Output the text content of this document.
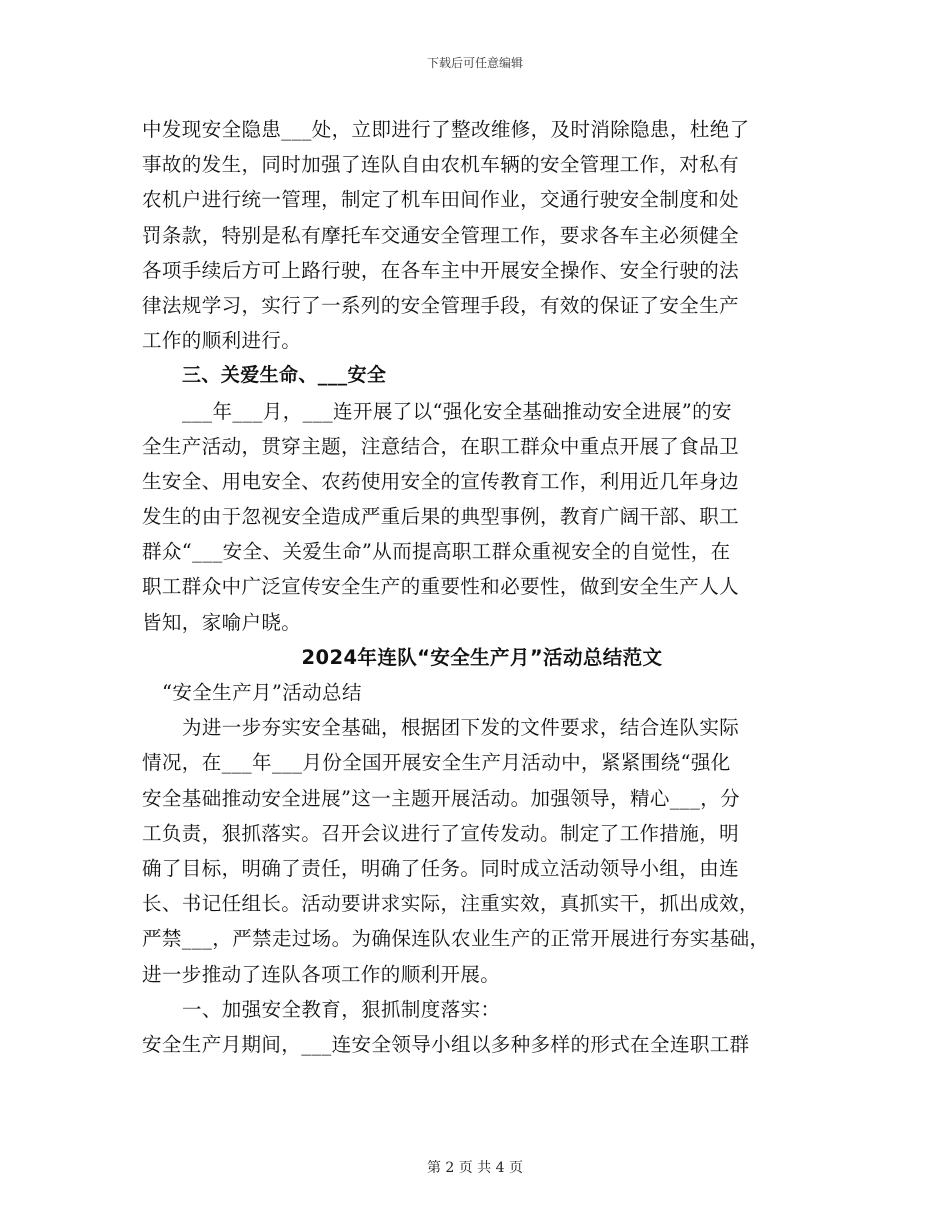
下载后可任意编辑
中发现安全隐患___处，立即进行了整改维修，及时消除隐患，杜绝了
事故的发生，同时加强了连队自由农机车辆的安全管理工作，对私有
农机户进行统一管理，制定了机车田间作业，交通行驶安全制度和处
罚条款，特别是私有摩托车交通安全管理工作，要求各车主必须健全
各项手续后方可上路行驶，在各车主中开展安全操作、安全行驶的法
律法规学习，实行了一系列的安全管理手段，有效的保证了安全生产
工作的顺利进行。
三、关爱生命、___安全
___年___月，___连开展了以“强化安全基础推动安全进展”的安
全生产活动，贯穿主题，注意结合，在职工群众中重点开展了食品卫
生安全、用电安全、农药使用安全的宣传教育工作，利用近几年身边
发生的由于忽视安全造成严重后果的典型事例，教育广阔干部、职工
群众“___安全、关爱生命”从而提高职工群众重视安全的自觉性，在
职工群众中广泛宣传安全生产的重要性和必要性，做到安全生产人人
皆知，家喻户晓。
2024年连队“安全生产月”活动总结范文
“安全生产月”活动总结
为进一步夯实安全基础，根据团下发的文件要求，结合连队实际
情况，在___年___月份全国开展安全生产月活动中，紧紧围绕“强化
安全基础推动安全进展”这一主题开展活动。加强领导，精心___，分
工负责，狠抓落实。召开会议进行了宣传发动。制定了工作措施，明
确了目标，明确了责任，明确了任务。同时成立活动领导小组，由连
长、书记任组长。活动要讲求实际，注重实效，真抓实干，抓出成效，
严禁___，严禁走过场。为确保连队农业生产的正常开展进行夯实基础，
进一步推动了连队各项工作的顺利开展。
一、加强安全教育，狠抓制度落实：
安全生产月期间，___连安全领导小组以多种多样的形式在全连职工群
第 2 页 共 4 页
